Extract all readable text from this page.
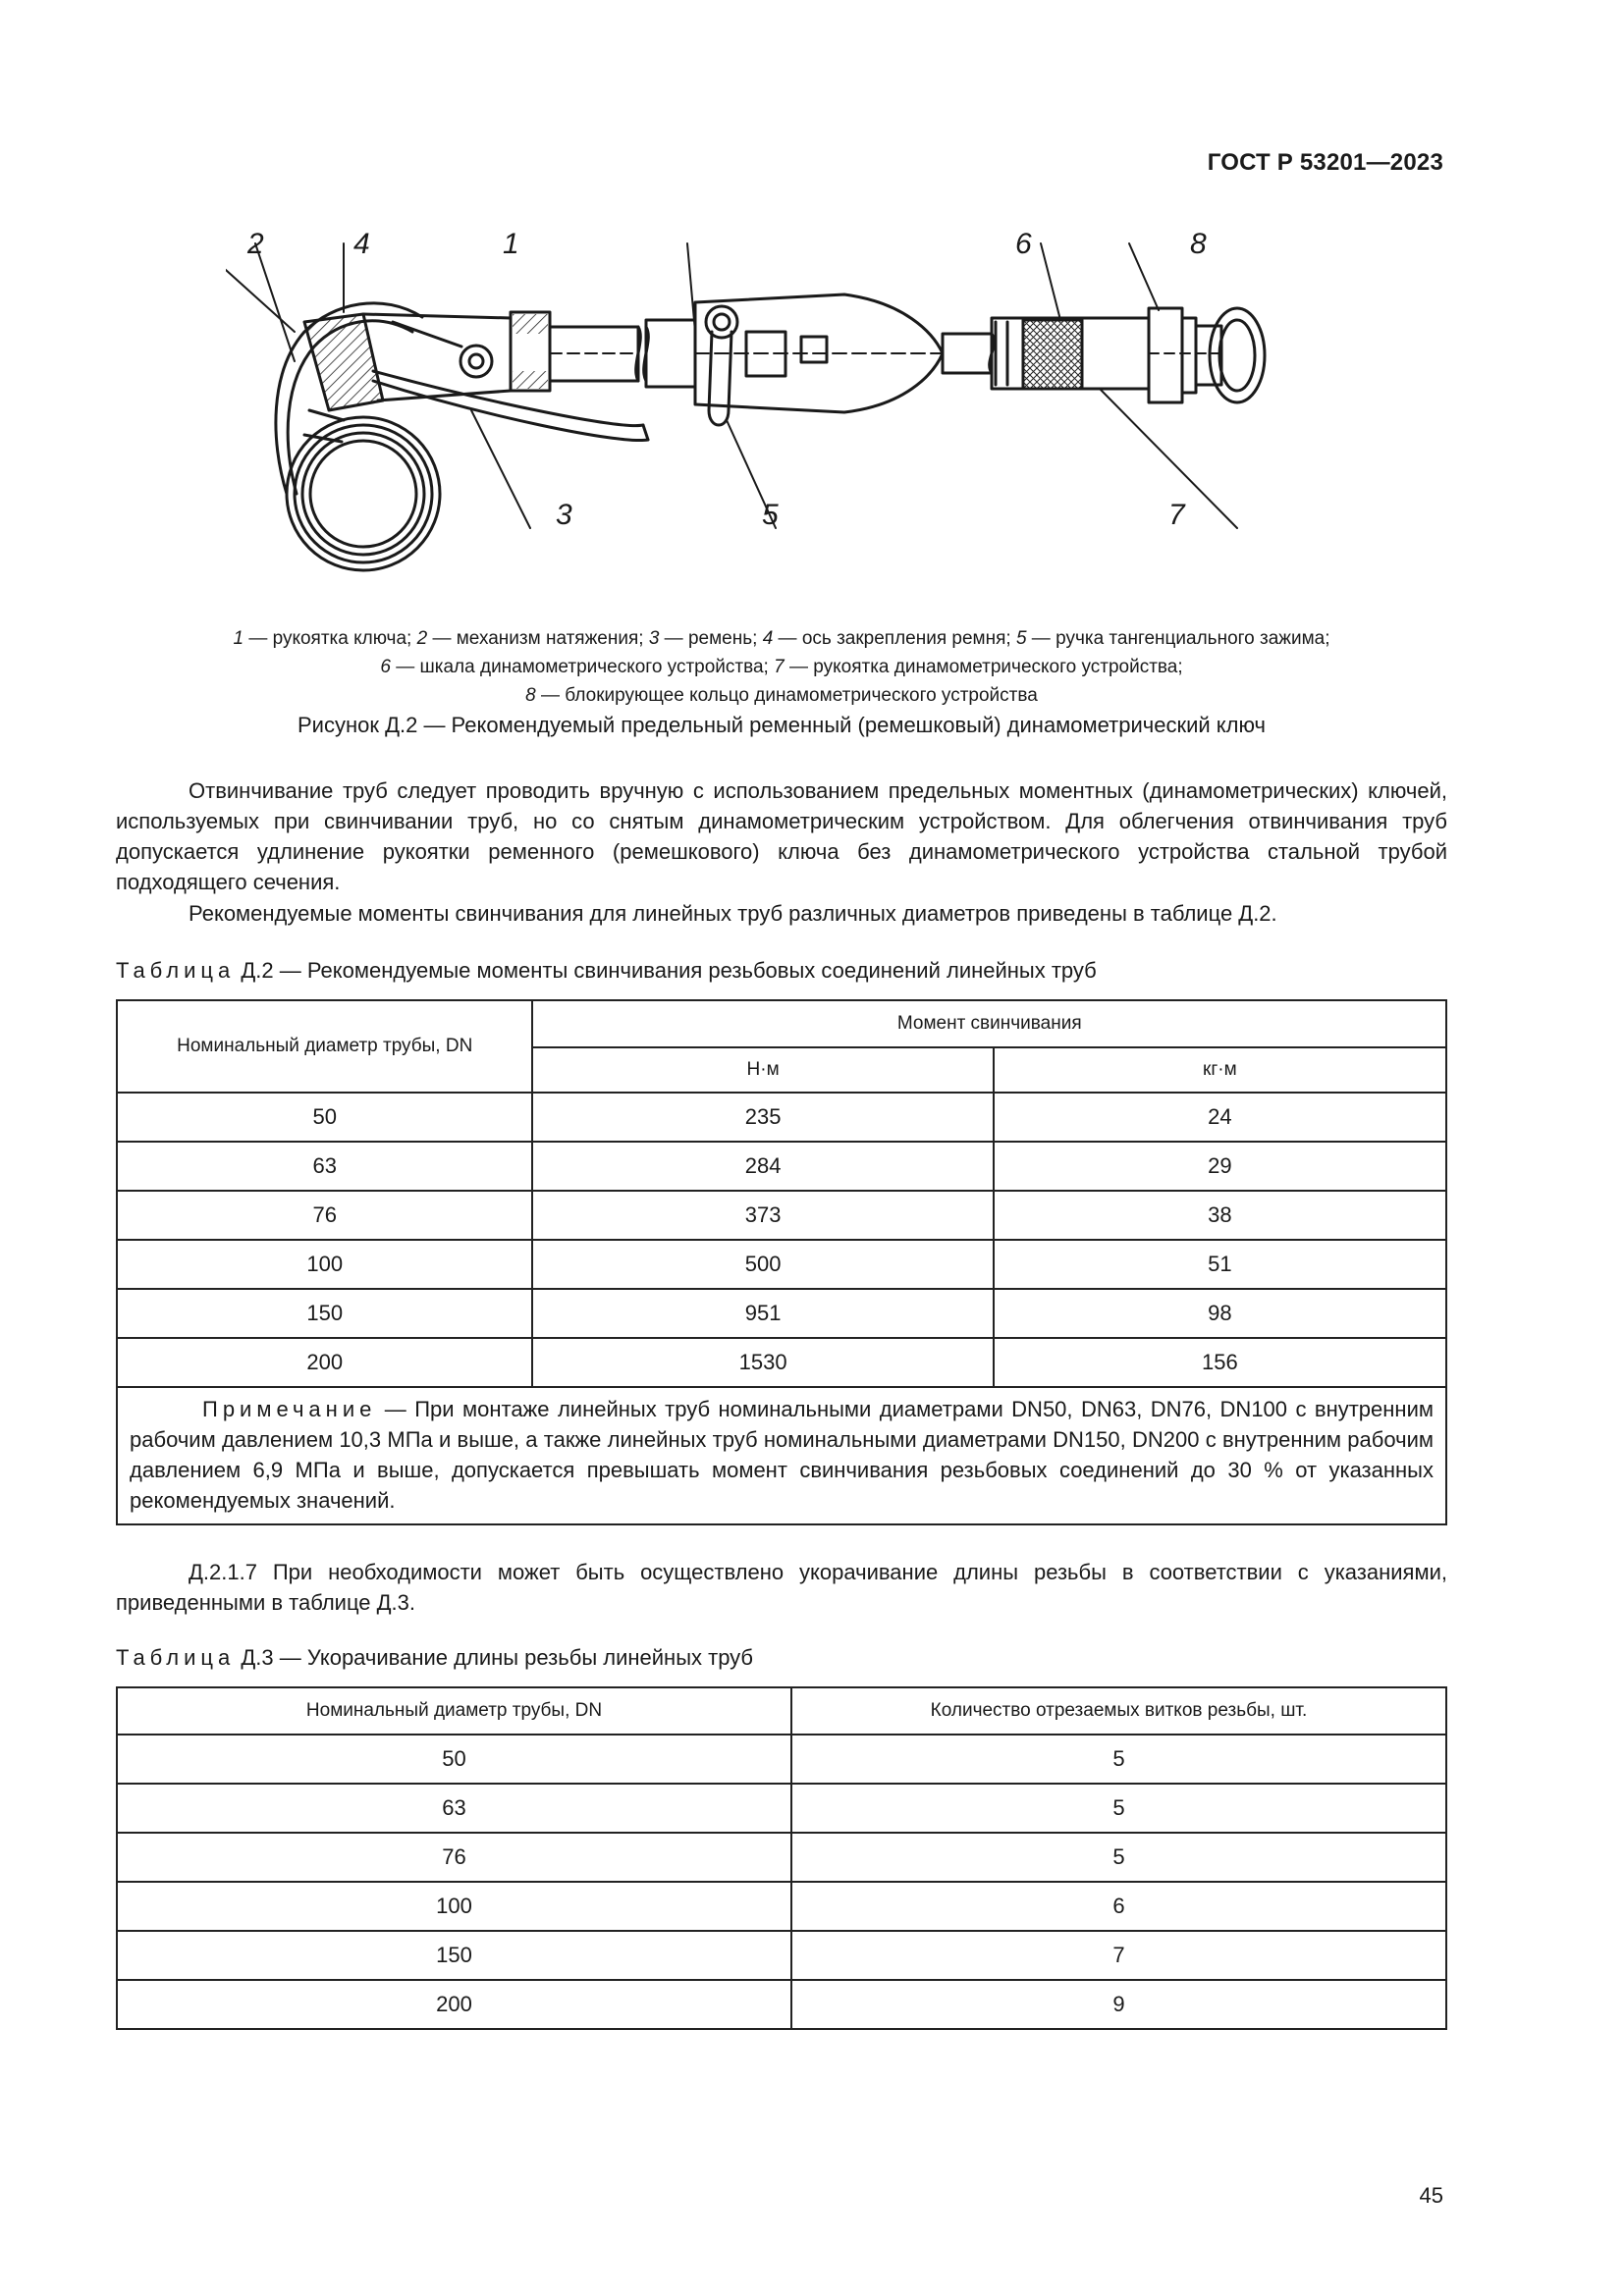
ГОСТ Р 53201—2023
2	4	1	6	8
3	5	7
1 — рукоятка ключа; 2 — механизм натяжения; 3 — ремень; 4 — ось закрепления ремня; 5 — ручка тангенциального зажима;
6 — шкала динамометрического устройства; 7 — рукоятка динамометрического устройства;
8 — блокирующее кольцо динамометрического устройства
Рисунок Д.2 — Рекомендуемый предельный ременный (ремешковый) динамометрический ключ
Отвинчивание труб следует проводить вручную с использованием предельных моментных (динамометрических) ключей, используемых при свинчивании труб, но со снятым динамометрическим устройством. Для облегчения отвинчивания труб допускается удлинение рукоятки ременного (ремешкового) ключа без динамометрического устройства стальной трубой подходящего сечения.
Рекомендуемые моменты свинчивания для линейных труб различных диаметров приведены в таблице Д.2.
Таблица Д.2 — Рекомендуемые моменты свинчивания резьбовых соединений линейных труб
Номинальный диаметр трубы, DN	Момент свинчивания	
	Н·м	кг·м
50	235	24
63	284	29
76	373	38
100	500	51
150	951	98
200	1530	156
Примечание — При монтаже линейных труб номинальными диаметрами DN50, DN63, DN76, DN100 с внутренним рабочим давлением 10,3 МПа и выше, а также линейных труб номинальными диаметрами DN150, DN200 с внутренним рабочим давлением 6,9 МПа и выше, допускается превышать момент свинчивания резьбовых соединений до 30 % от указанных рекомендуемых значений.		
Д.2.1.7 При необходимости может быть осуществлено укорачивание длины резьбы в соответствии с указаниями, приведенными в таблице Д.3.
Таблица Д.3 — Укорачивание длины резьбы линейных труб
Номинальный диаметр трубы, DN	Количество отрезаемых витков резьбы, шт.
50	5
63	5
76	5
100	6
150	7
200	9
45
